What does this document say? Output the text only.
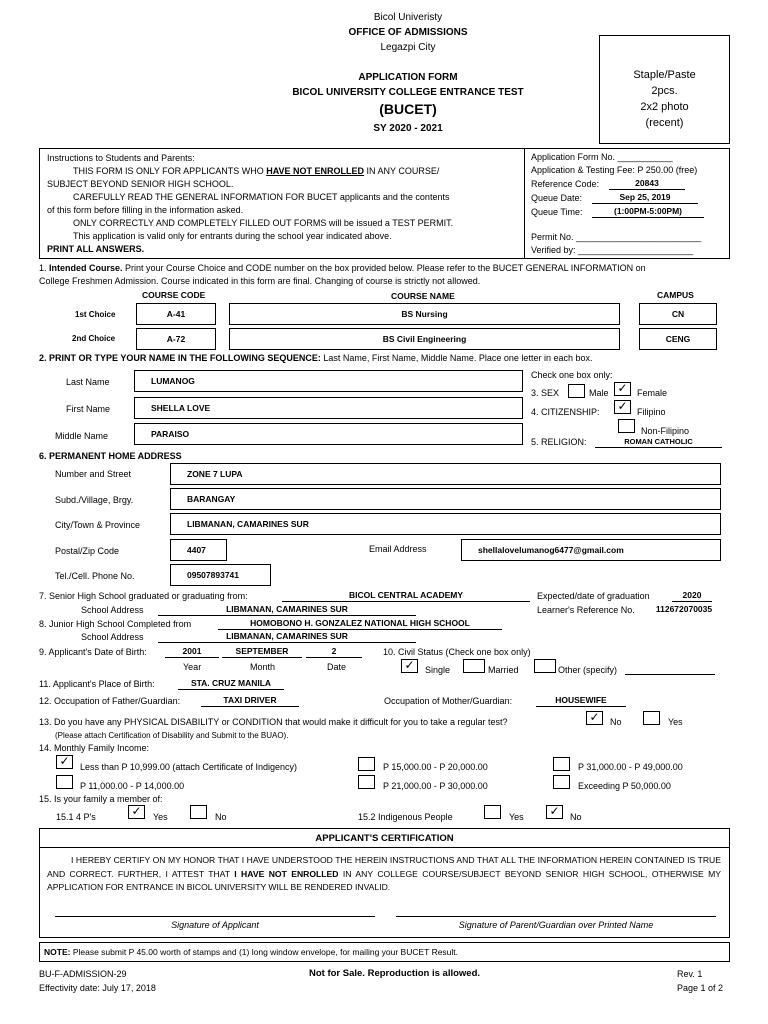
Bicol Univeristy
OFFICE OF ADMISSIONS
Legazpi City
APPLICATION FORM
BICOL UNIVERSITY COLLEGE ENTRANCE TEST
(BUCET)
SY 2020 - 2021
Staple/Paste
2pcs.
2x2 photo
(recent)
Instructions to Students and Parents:
THIS FORM IS ONLY FOR APPLICANTS WHO HAVE NOT ENROLLED IN ANY COURSE/
SUBJECT BEYOND SENIOR HIGH SCHOOL.
CAREFULLY READ THE GENERAL INFORMATION FOR BUCET applicants and the contents
of this form before filling in the information asked.
ONLY CORRECTLY AND COMPLETELY FILLED OUT FORMS will be issued a TEST PERMIT.
This application is valid only for entrants during the school year indicated above.
PRINT ALL ANSWERS.
Application Form No. ___________
Application & Testing Fee: P 250.00 (free)
Reference Code:	20843
Queue Date:	Sep 25, 2019
Queue Time:	(1:00PM-5:00PM)
Permit No. _________________________
Verified by: _______________________
1. Intended Course. Print your Course Choice and CODE number on the box provided below. Please refer to the BUCET GENERAL INFORMATION on
College Freshmen Admission. Course indicated in this form are final. Changing of course is strictly not allowed.
COURSE CODE	COURSE NAME	CAMPUS
1st Choice	A-41	BS Nursing	CN
2nd Choice	A-72	BS Civil Engineering	CENG
2. PRINT OR TYPE YOUR NAME IN THE FOLLOWING SEQUENCE: Last Name, First Name, Middle Name. Place one letter in each box.
Last Name	LUMANOG
First Name	SHELLA LOVE
Middle Name	PARAISO
Check one box only:
3. SEX	Male ✓	Female
4. CITIZENSHIP: ✓	Filipino
Non-Filipino
5. RELIGION:	ROMAN CATHOLIC
6. PERMANENT HOME ADDRESS
Number and Street	ZONE 7 LUPA
Subd./Village, Brgy.	BARANGAY
City/Town & Province	LIBMANAN, CAMARINES SUR
Postal/Zip Code	4407	Email Address	shellalovelumanog6477@gmail.com
Tel./Cell. Phone No.	09507893741
7. Senior High School graduated or graduating from:	BICOL CENTRAL ACADEMY	Expected/date of graduation	2020
School Address	LIBMANAN, CAMARINES SUR	Learner's Reference No.	112672070035
8. Junior High School Completed from	HOMOBONO H. GONZALEZ NATIONAL HIGH SCHOOL
School Address	LIBMANAN, CAMARINES SUR
9. Applicant's Date of Birth:	2001	SEPTEMBER	2
Year	Month	Date
10. Civil Status (Check one box only)
✓	Single	Married	Other (specify)
11. Applicant's Place of Birth:	STA. CRUZ MANILA
12. Occupation of Father/Guardian:	TAXI DRIVER	Occupation of Mother/Guardian:	HOUSEWIFE
13. Do you have any PHYSICAL DISABILITY or CONDITION that would make it difficult for you to take a regular test?	✓	No	Yes
(Please attach Certification of Disability and Submit to the BUAO).
14. Monthly Family Income:
✓	Less than P 10,999.00 (attach Certificate of Indigency)	P 15,000.00 - P 20,000.00	P 31,000.00 - P 49,000.00
P 11,000.00 - P 14,000.00	P 21,000.00 - P 30,000.00	Exceeding P 50,000.00
15. Is your family a member of:
15.1 4 P's	✓	Yes	No	15.2 Indigenous People	Yes ✓	No
APPLICANT'S CERTIFICATION
I HEREBY CERTIFY ON MY HONOR THAT I HAVE UNDERSTOOD THE HEREIN INSTRUCTIONS AND THAT ALL THE INFORMATION HEREIN CONTAINED IS TRUE AND CORRECT. FURTHER, I ATTEST THAT I HAVE NOT ENROLLED IN ANY COLLEGE COURSE/SUBJECT BEYOND SENIOR HIGH SCHOOL, OTHERWISE MY APPLICATION FOR ENTRANCE IN BICOL UNIVERSITY WILL BE RENDERED INVALID.
Signature of Applicant	Signature of Parent/Guardian over Printed Name
NOTE: Please submit P 45.00 worth of stamps and (1) long window envelope, for mailing your BUCET Result.
BU-F-ADMISSION-29
Effectivity date: July 17, 2018
Not for Sale. Reproduction is allowed.	Rev. 1
Page 1 of 2
